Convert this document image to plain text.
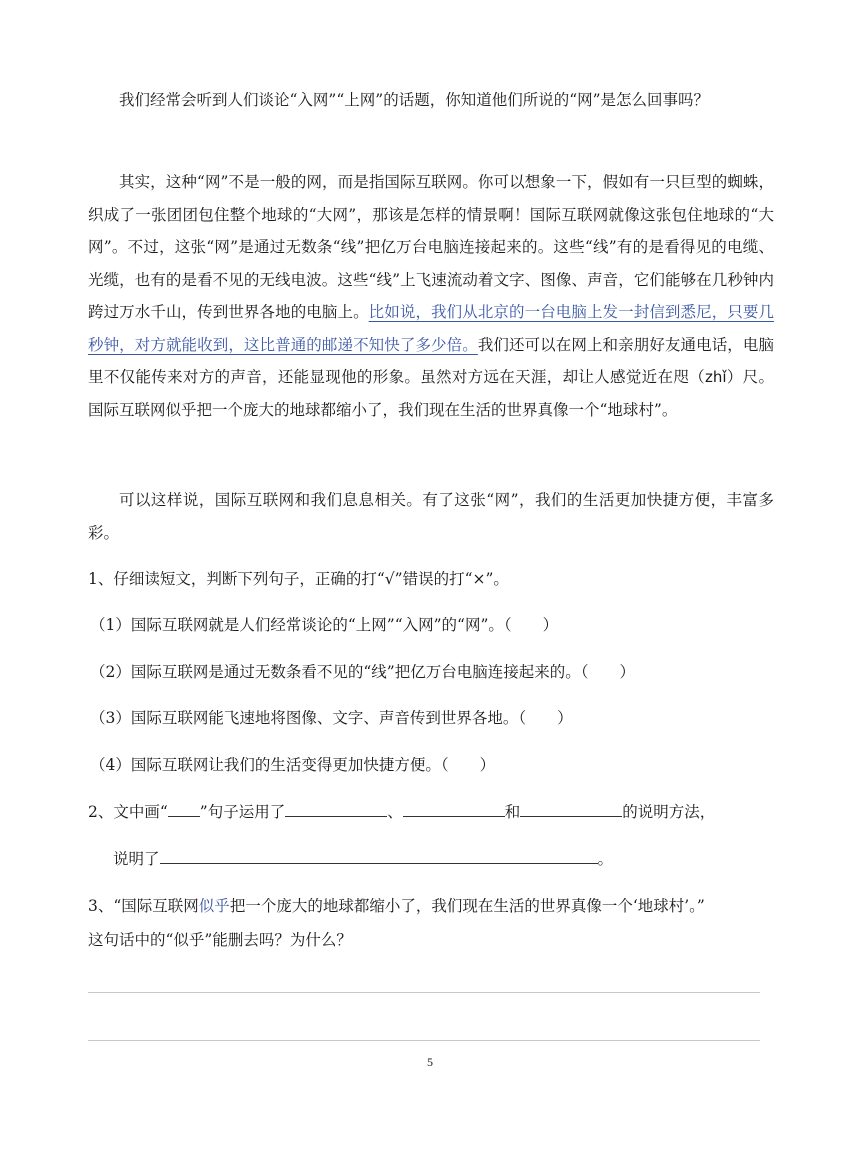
我们经常会听到人们谈论“入网”“上网”的话题，你知道他们所说的“网”是怎么回事吗？

其实，这种“网”不是一般的网，而是指国际互联网。你可以想象一下，假如有一只巨型的蜘蛛，织成了一张团团包住整个地球的“大网”，那该是怎样的情景啊！国际互联网就像这张包住地球的“大网”。不过，这张“网”是通过无数条“线”把亿万台电脑连接起来的。这些“线”有的是看得见的电缆、光缆，也有的是看不见的无线电波。这些“线”上飞速流动着文字、图像、声音，它们能够在几秒钟内跨过万水千山，传到世界各地的电脑上。比如说，我们从北京的一台电脑上发一封信到悉尼，只要几秒钟，对方就能收到，这比普通的邮递不知快了多少倍。我们还可以在网上和亲朋好友通电话，电脑里不仅能传来对方的声音，还能显现他的形象。虽然对方远在天涯，却让人感觉近在咫（zhǐ）尺。国际互联网似乎把一个庞大的地球都缩小了，我们现在生活的世界真像一个“地球村”。

可以这样说，国际互联网和我们息息相关。有了这张“网”，我们的生活更加快捷方便，丰富多彩。

1、仔细读短文，判断下列句子，正确的打“√”错误的打“×”。

（1）国际互联网就是人们经常谈论的“上网”“入网”的“网”。（　　）

（2）国际互联网是通过无数条看不见的“线”把亿万台电脑连接起来的。（　　）

（3）国际互联网能飞速地将图像、文字、声音传到世界各地。（　　）

（4）国际互联网让我们的生活变得更加快捷方便。（　　）

2、文中画“ ”句子运用了	、	和	的说明方法，

说明了	。

3、“国际互联网似乎把一个庞大的地球都缩小了，我们现在生活的世界真像一个‘地球村’。”

这句话中的“似乎”能删去吗？为什么？

5
